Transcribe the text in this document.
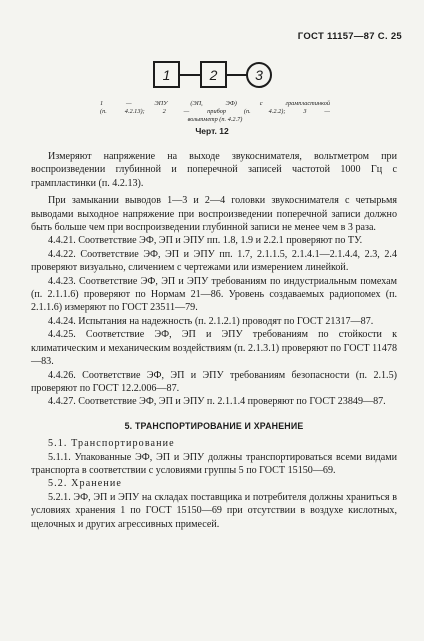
ГОСТ 11157—87 С. 25
1	2	3

1 — ЭПУ (ЭП, ЭФ) с грампластинкой

(п. 4.2.13); 2 — прибор (п. 4.2.2); 3 —

вольтметр (п. 4.2.7)

Черт. 12

Измеряют напряжение на выходе звукоснимателя, вольтметром при воспроизведении глубинной и поперечной записей частотой 1000 Гц с грампластинки (п. 4.2.13).

При замыкании выводов 1—3 и 2—4 головки звукоснимателя с четырьмя выводами выходное напряжение при воспроизведении поперечной записи должно быть больше чем при воспроизведении глубинной записи не менее чем в 3 раза.

4.4.21. Соответствие ЭФ, ЭП и ЭПУ пп. 1.8, 1.9 и 2.2.1 проверяют по ТУ.

4.4.22. Соответствие ЭФ, ЭП и ЭПУ пп. 1.7, 2.1.1.5, 2.1.4.1—2.1.4.4, 2.3, 2.4 проверяют визуально, сличением с чертежами или измерением линейкой.

4.4.23. Соответствие ЭФ, ЭП и ЭПУ требованиям по индустриальным помехам (п. 2.1.1.6) проверяют по Нормам 21—86. Уровень создаваемых радиопомех (п. 2.1.1.6) измеряют по ГОСТ 23511—79.

4.4.24. Испытания на надежность (п. 2.1.2.1) проводят по ГОСТ 21317—87.

4.4.25. Соответствие ЭФ, ЭП и ЭПУ требованиям по стойкости к климатическим и механическим воздействиям (п. 2.1.3.1) проверяют по ГОСТ 11478—83.

4.4.26. Соответствие ЭФ, ЭП и ЭПУ требованиям безопасности (п. 2.1.5) проверяют по ГОСТ 12.2.006—87.

4.4.27. Соответствие ЭФ, ЭП и ЭПУ п. 2.1.1.4 проверяют по ГОСТ 23849—87.

5. ТРАНСПОРТИРОВАНИЕ И ХРАНЕНИЕ

5.1. Транспортирование

5.1.1. Упакованные ЭФ, ЭП и ЭПУ должны транспортироваться всеми видами транспорта в соответствии с условиями группы 5 по ГОСТ 15150—69.

5.2. Хранение

5.2.1. ЭФ, ЭП и ЭПУ на складах поставщика и потребителя должны храниться в условиях хранения 1 по ГОСТ 15150—69 при отсутствии в воздухе кислотных, щелочных и других агрессивных примесей.
